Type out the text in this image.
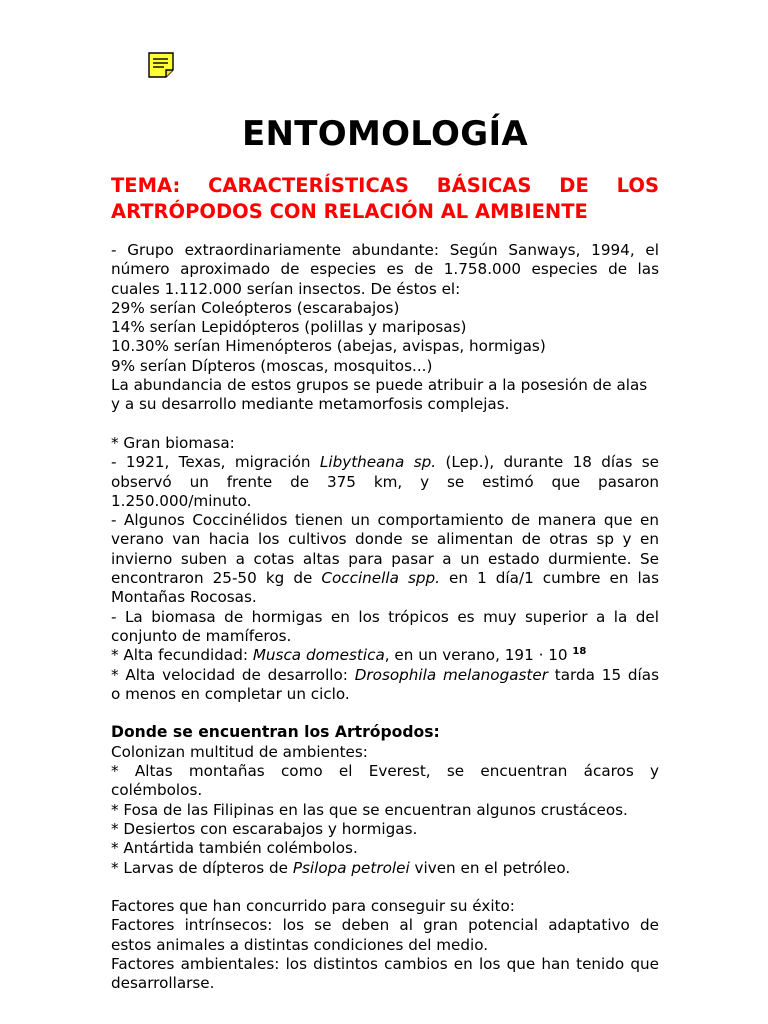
ENTOMOLOGÍA
TEMA: CARACTERÍSTICAS BÁSICAS DE LOS
ARTRÓPODOS CON RELACIÓN AL AMBIENTE
- Grupo extraordinariamente abundante: Según Sanways, 1994, el
número aproximado de especies es de 1.758.000 especies de las
cuales 1.112.000 serían insectos. De éstos el:
29% serían Coleópteros (escarabajos)
14% serían Lepidópteros (polillas y mariposas)
10.30% serían Himenópteros (abejas, avispas, hormigas)
9% serían Dípteros (moscas, mosquitos...)
La abundancia de estos grupos se puede atribuir a la posesión de alas
y a su desarrollo mediante metamorfosis complejas.
* Gran biomasa:
- 1921, Texas, migración Libytheana sp. (Lep.), durante 18 días se
observó un frente de 375 km, y se estimó que pasaron
1.250.000/minuto.
- Algunos Coccinélidos tienen un comportamiento de manera que en
verano van hacia los cultivos donde se alimentan de otras sp y en
invierno suben a cotas altas para pasar a un estado durmiente. Se
encontraron 25-50 kg de Coccinella spp. en 1 día/1 cumbre en las
Montañas Rocosas.
- La biomasa de hormigas en los trópicos es muy superior a la del
conjunto de mamíferos.
* Alta fecundidad: Musca domestica, en un verano, 191 · 10 $^{18}$
* Alta velocidad de desarrollo: Drosophila melanogaster tarda 15 días
o menos en completar un ciclo.
Donde se encuentran los Artrópodos:
Colonizan multitud de ambientes:
* Altas montañas como el Everest, se encuentran ácaros y
colémbolos.
* Fosa de las Filipinas en las que se encuentran algunos crustáceos.
* Desiertos con escarabajos y hormigas.
* Antártida también colémbolos.
* Larvas de dípteros de Psilopa petrolei viven en el petróleo.
Factores que han concurrido para conseguir su éxito:
Factores intrínsecos: los se deben al gran potencial adaptativo de
estos animales a distintas condiciones del medio.
Factores ambientales: los distintos cambios en los que han tenido que
desarrollarse.
